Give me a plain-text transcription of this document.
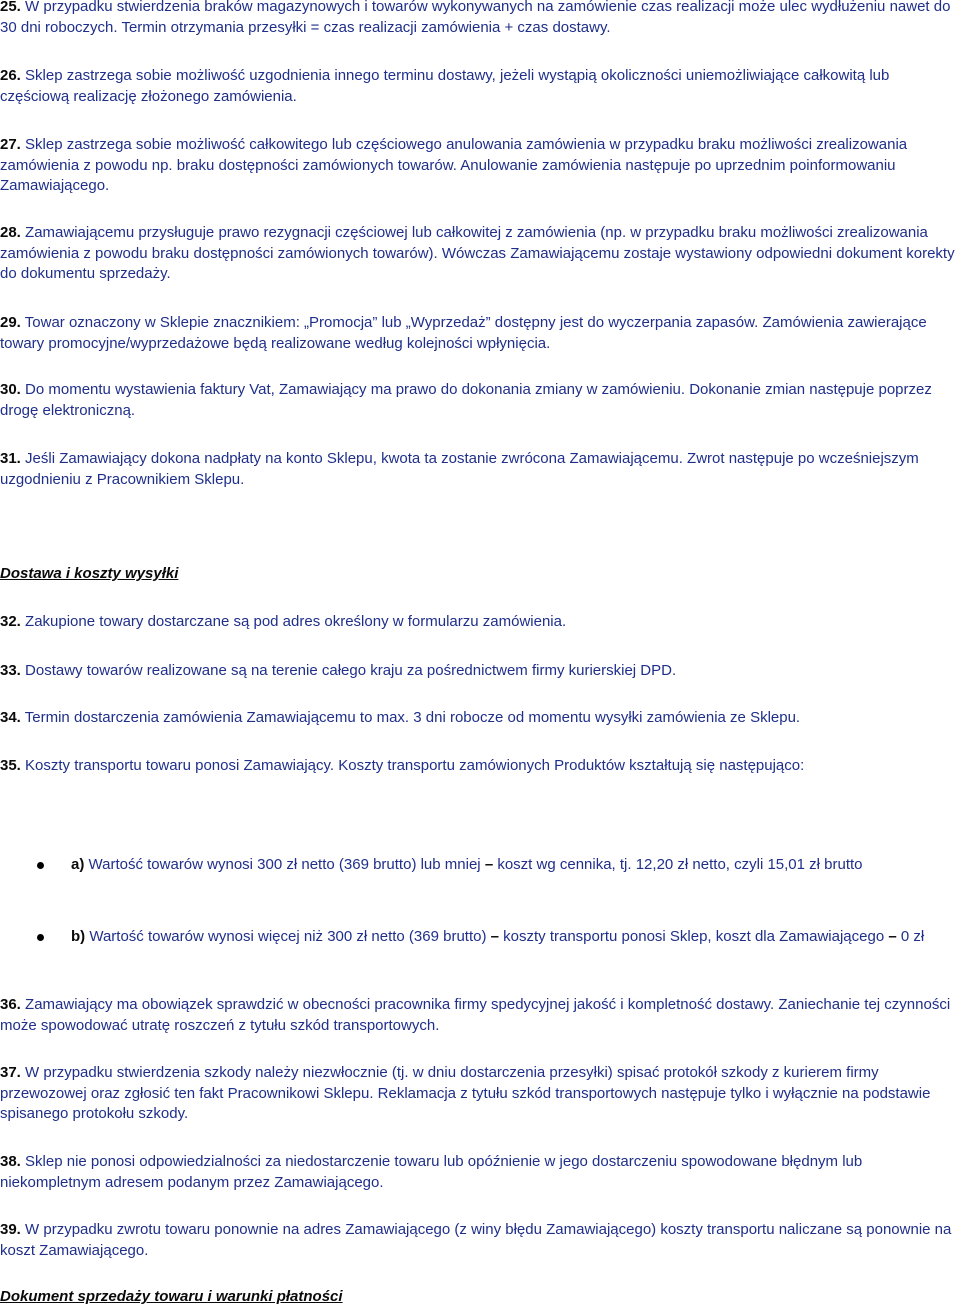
25. W przypadku stwierdzenia braków magazynowych i towarów wykonywanych na zamówienie czas realizacji może ulec wydłużeniu nawet do 30 dni roboczych. Termin otrzymania przesyłki = czas realizacji zamówienia + czas dostawy.

26. Sklep zastrzega sobie możliwość uzgodnienia innego terminu dostawy, jeżeli wystąpią okoliczności uniemożliwiające całkowitą lub częściową realizację złożonego zamówienia.

27. Sklep zastrzega sobie możliwość całkowitego lub częściowego anulowania zamówienia w przypadku braku możliwości zrealizowania zamówienia z powodu np. braku dostępności zamówionych towarów. Anulowanie zamówienia następuje po uprzednim poinformowaniu Zamawiającego.

28. Zamawiającemu przysługuje prawo rezygnacji częściowej lub całkowitej z zamówienia (np. w przypadku braku możliwości zrealizowania zamówienia z powodu braku dostępności zamówionych towarów). Wówczas Zamawiającemu zostaje wystawiony odpowiedni dokument korekty do dokumentu sprzedaży.

29. Towar oznaczony w Sklepie znacznikiem: „Promocja” lub „Wyprzedaż” dostępny jest do wyczerpania zapasów. Zamówienia zawierające towary promocyjne/wyprzedażowe będą realizowane według kolejności wpłynięcia.

30. Do momentu wystawienia faktury Vat, Zamawiający ma prawo do dokonania zmiany w zamówieniu. Dokonanie zmian następuje poprzez drogę elektroniczną.

31. Jeśli Zamawiający dokona nadpłaty na konto Sklepu, kwota ta zostanie zwrócona Zamawiającemu. Zwrot następuje po wcześniejszym uzgodnieniu z Pracownikiem Sklepu.

Dostawa i koszty wysyłki

32. Zakupione towary dostarczane są pod adres określony w formularzu zamówienia.

33. Dostawy towarów realizowane są na terenie całego kraju za pośrednictwem firmy kurierskiej DPD.

34. Termin dostarczenia zamówienia Zamawiającemu to max. 3 dni robocze od momentu wysyłki zamówienia ze Sklepu.

35. Koszty transportu towaru ponosi Zamawiający. Koszty transportu zamówionych Produktów kształtują się następująco:

a) Wartość towarów wynosi 300 zł netto (369 brutto) lub mniej – koszt wg cennika, tj. 12,20 zł netto, czyli 15,01 zł brutto

b) Wartość towarów wynosi więcej niż 300 zł netto (369 brutto) – koszty transportu ponosi Sklep, koszt dla Zamawiającego – 0 zł

36. Zamawiający ma obowiązek sprawdzić w obecności pracownika firmy spedycyjnej jakość i kompletność dostawy. Zaniechanie tej czynności może spowodować utratę roszczeń z tytułu szkód transportowych.

37. W przypadku stwierdzenia szkody należy niezwłocznie (tj. w dniu dostarczenia przesyłki) spisać protokół szkody z kurierem firmy przewozowej oraz zgłosić ten fakt Pracownikowi Sklepu. Reklamacja z tytułu szkód transportowych następuje tylko i wyłącznie na podstawie spisanego protokołu szkody.

38. Sklep nie ponosi odpowiedzialności za niedostarczenie towaru lub opóźnienie w jego dostarczeniu spowodowane błędnym lub niekompletnym adresem podanym przez Zamawiającego.

39. W przypadku zwrotu towaru ponownie na adres Zamawiającego (z winy błędu Zamawiającego) koszty transportu naliczane są ponownie na koszt Zamawiającego.

Dokument sprzedaży towaru i warunki płatności
